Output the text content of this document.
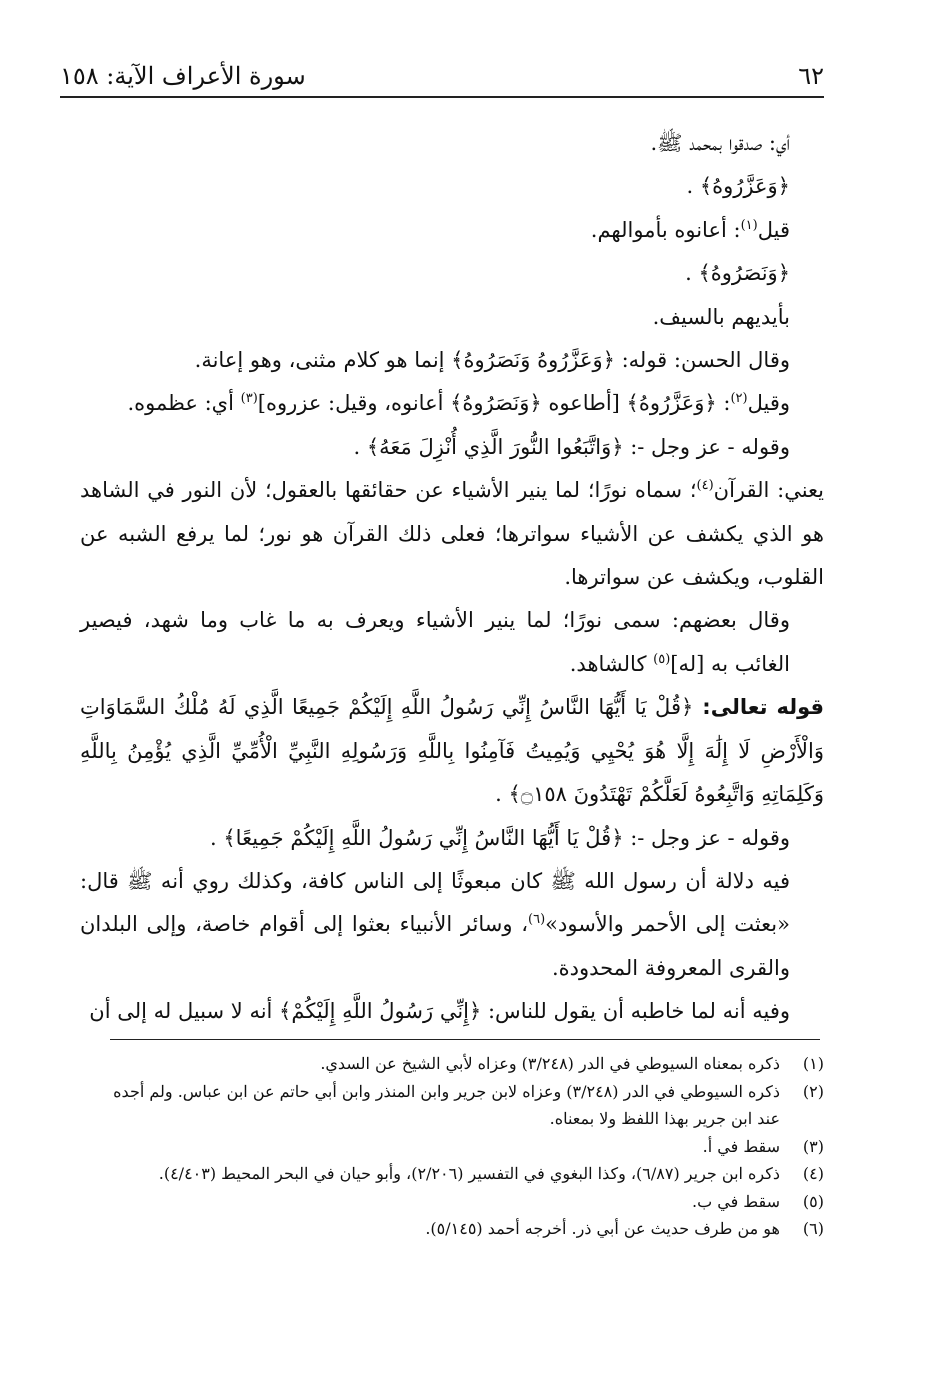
٦٢
سورة الأعراف الآية: ١٥٨

أي: صدقوا بمحمد ﷺ.

﴿وَعَزَّرُوهُ﴾ .

قيل$^{(١)}$: أعانوه بأموالهم.

﴿وَنَصَرُوهُ﴾ .

بأيديهم بالسيف.

وقال الحسن: قوله: ﴿وَعَزَّرُوهُ وَنَصَرُوهُ﴾ إنما هو كلام مثنى، وهو إعانة.

وقيل$^{(٢)}$: ﴿وَعَزَّرُوهُ﴾ [أطاعوه ﴿وَنَصَرُوهُ﴾ أعانوه، وقيل: عزروه]$^{(٣)}$ أي: عظموه.

وقوله - عز وجل -: ﴿وَاتَّبَعُوا النُّورَ الَّذِي أُنْزِلَ مَعَهُ﴾ .

يعني: القرآن$^{(٤)}$؛ سماه نورًا؛ لما ينير الأشياء عن حقائقها بالعقول؛ لأن النور في الشاهد هو الذي يكشف عن الأشياء سواترها؛ فعلى ذلك القرآن هو نور؛ لما يرفع الشبه عن القلوب، ويكشف عن سواترها.

وقال بعضهم: سمى نورًا؛ لما ينير الأشياء ويعرف به ما غاب وما شهد، فيصير الغائب به [له]$^{(٥)}$ كالشاهد.

قوله تعالى: ﴿قُلْ يَا أَيُّهَا النَّاسُ إِنِّي رَسُولُ اللَّهِ إِلَيْكُمْ جَمِيعًا الَّذِي لَهُ مُلْكُ السَّمَاوَاتِ وَالْأَرْضِ لَا إِلَٰهَ إِلَّا هُوَ يُحْيِي وَيُمِيتُ فَآمِنُوا بِاللَّهِ وَرَسُولِهِ النَّبِيِّ الْأُمِّيِّ الَّذِي يُؤْمِنُ بِاللَّهِ وَكَلِمَاتِهِ وَاتَّبِعُوهُ لَعَلَّكُمْ تَهْتَدُونَ ۝١٥٨﴾ .

وقوله - عز وجل -: ﴿قُلْ يَا أَيُّهَا النَّاسُ إِنِّي رَسُولُ اللَّهِ إِلَيْكُمْ جَمِيعًا﴾ .

فيه دلالة أن رسول الله ﷺ كان مبعوثًا إلى الناس كافة، وكذلك روي أنه ﷺ قال: «بعثت إلى الأحمر والأسود»$^{(٦)}$، وسائر الأنبياء بعثوا إلى أقوام خاصة، وإلى البلدان والقرى المعروفة المحدودة.

وفيه أنه لما خاطبه أن يقول للناس: ﴿إِنِّي رَسُولُ اللَّهِ إِلَيْكُمْ﴾ أنه لا سبيل له إلى أن

(١)
ذكره بمعناه السيوطي في الدر (٣/٢٤٨) وعزاه لأبي الشيخ عن السدي.
(٢)
ذكره السيوطي في الدر (٣/٢٤٨) وعزاه لابن جرير وابن المنذر وابن أبي حاتم عن ابن عباس. ولم أجده عند ابن جرير بهذا اللفظ ولا بمعناه.
(٣)
سقط في أ.
(٤)
ذكره ابن جرير (٦/٨٧)، وكذا البغوي في التفسير (٢/٢٠٦)، وأبو حيان في البحر المحيط (٤/٤٠٣).
(٥)
سقط في ب.
(٦)
هو من طرف حديث عن أبي ذر. أخرجه أحمد (٥/١٤٥).
